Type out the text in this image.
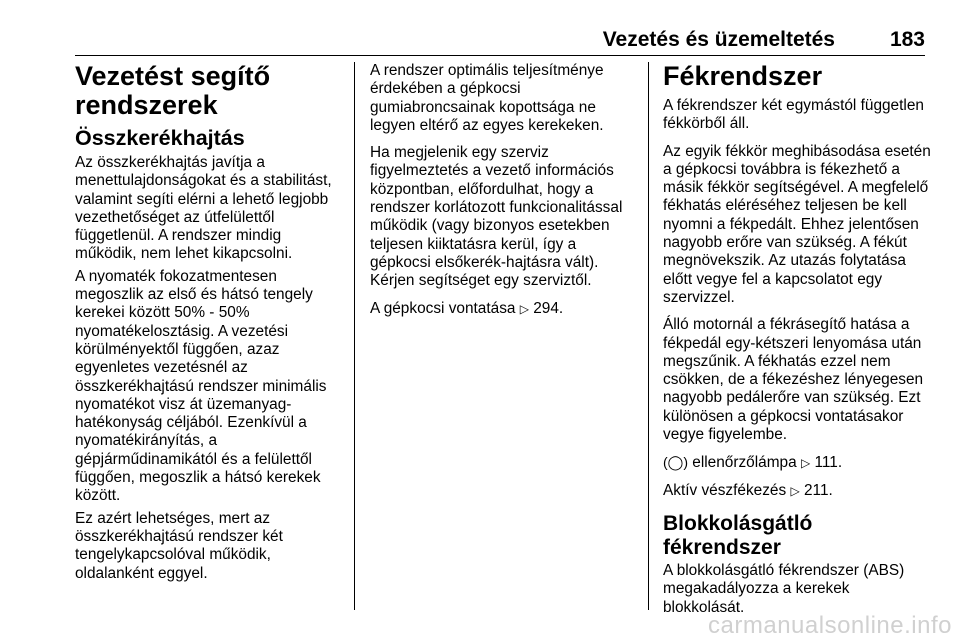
Vezetés és üzemeltetés	183
Vezetést segítő rendszerek
Összkerékhajtás

Az összkerékhajtás javítja a menettulajdonságokat és a stabilitást, valamint segíti elérni a lehető legjobb vezethetőséget az útfelülettől függetlenül. A rendszer mindig működik, nem lehet kikapcsolni.

A nyomaték fokozatmentesen megoszlik az első és hátsó tengely kerekei között 50% - 50% nyomatékelosztásig. A vezetési körülményektől függően, azaz egyenletes vezetésnél az összkerékhajtású rendszer minimális nyomatékot visz át üzemanyag-hatékonyság céljából. Ezenkívül a nyomatékirányítás, a gépjárműdinamikától és a felülettől függően, megoszlik a hátsó kerekek között.

Ez azért lehetséges, mert az összkerékhajtású rendszer két tengelykapcsolóval működik, oldalanként eggyel.

A rendszer optimális teljesítménye érdekében a gépkocsi gumiabroncsainak kopottsága ne legyen eltérő az egyes kerekeken.

Ha megjelenik egy szerviz figyelmeztetés a vezető információs központban, előfordulhat, hogy a rendszer korlátozott funkcionalitással működik (vagy bizonyos esetekben teljesen kiiktatásra kerül, így a gépkocsi elsőkerék-hajtásra vált). Kérjen segítséget egy szerviztől.

A gépkocsi vontatása ▷ 294.

Fékrendszer

A fékrendszer két egymástól független fékkörből áll.

Az egyik fékkör meghibásodása esetén a gépkocsi továbbra is fékezhető a másik fékkör segítségével. A megfelelő fékhatás eléréséhez teljesen be kell nyomni a fékpedált. Ehhez jelentősen nagyobb erőre van szükség. A fékút megnövekszik. Az utazás folytatása előtt vegye fel a kapcsolatot egy szervizzel.

Álló motornál a fékrásegítő hatása a fékpedál egy-kétszeri lenyomása után megszűnik. A fékhatás ezzel nem csökken, de a fékezéshez lényegesen nagyobb pedálerőre van szükség. Ezt különösen a gépkocsi vontatásakor vegye figyelembe.

(◯) ellenőrzőlámpa ▷ 111.

Aktív vészfékezés ▷ 211.

Blokkolásgátló fékrendszer

A blokkolásgátló fékrendszer (ABS) megakadályozza a kerekek blokkolását.

carmanualsonline.info
